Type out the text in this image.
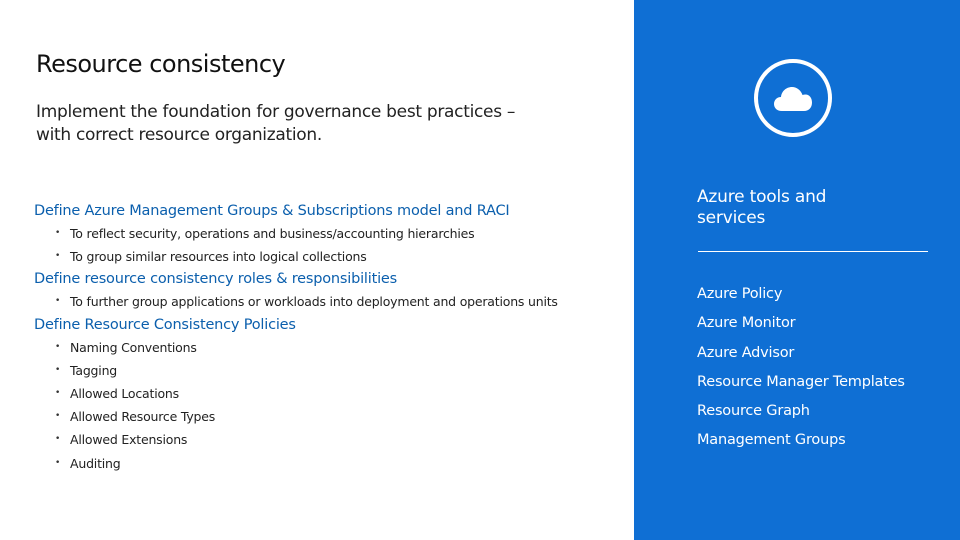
Resource consistency

Implement the foundation for governance best practices –
with correct resource organization.

Define Azure Management Groups & Subscriptions model and RACI
• To reflect security, operations and business/accounting hierarchies
• To group similar resources into logical collections
Define resource consistency roles & responsibilities
• To further group applications or workloads into deployment and operations units
Define Resource Consistency Policies
• Naming Conventions
• Tagging
• Allowed Locations
• Allowed Resource Types
• Allowed Extensions
• Auditing
Azure tools and
services
Azure Policy
Azure Monitor
Azure Advisor
Resource Manager Templates
Resource Graph
Management Groups
